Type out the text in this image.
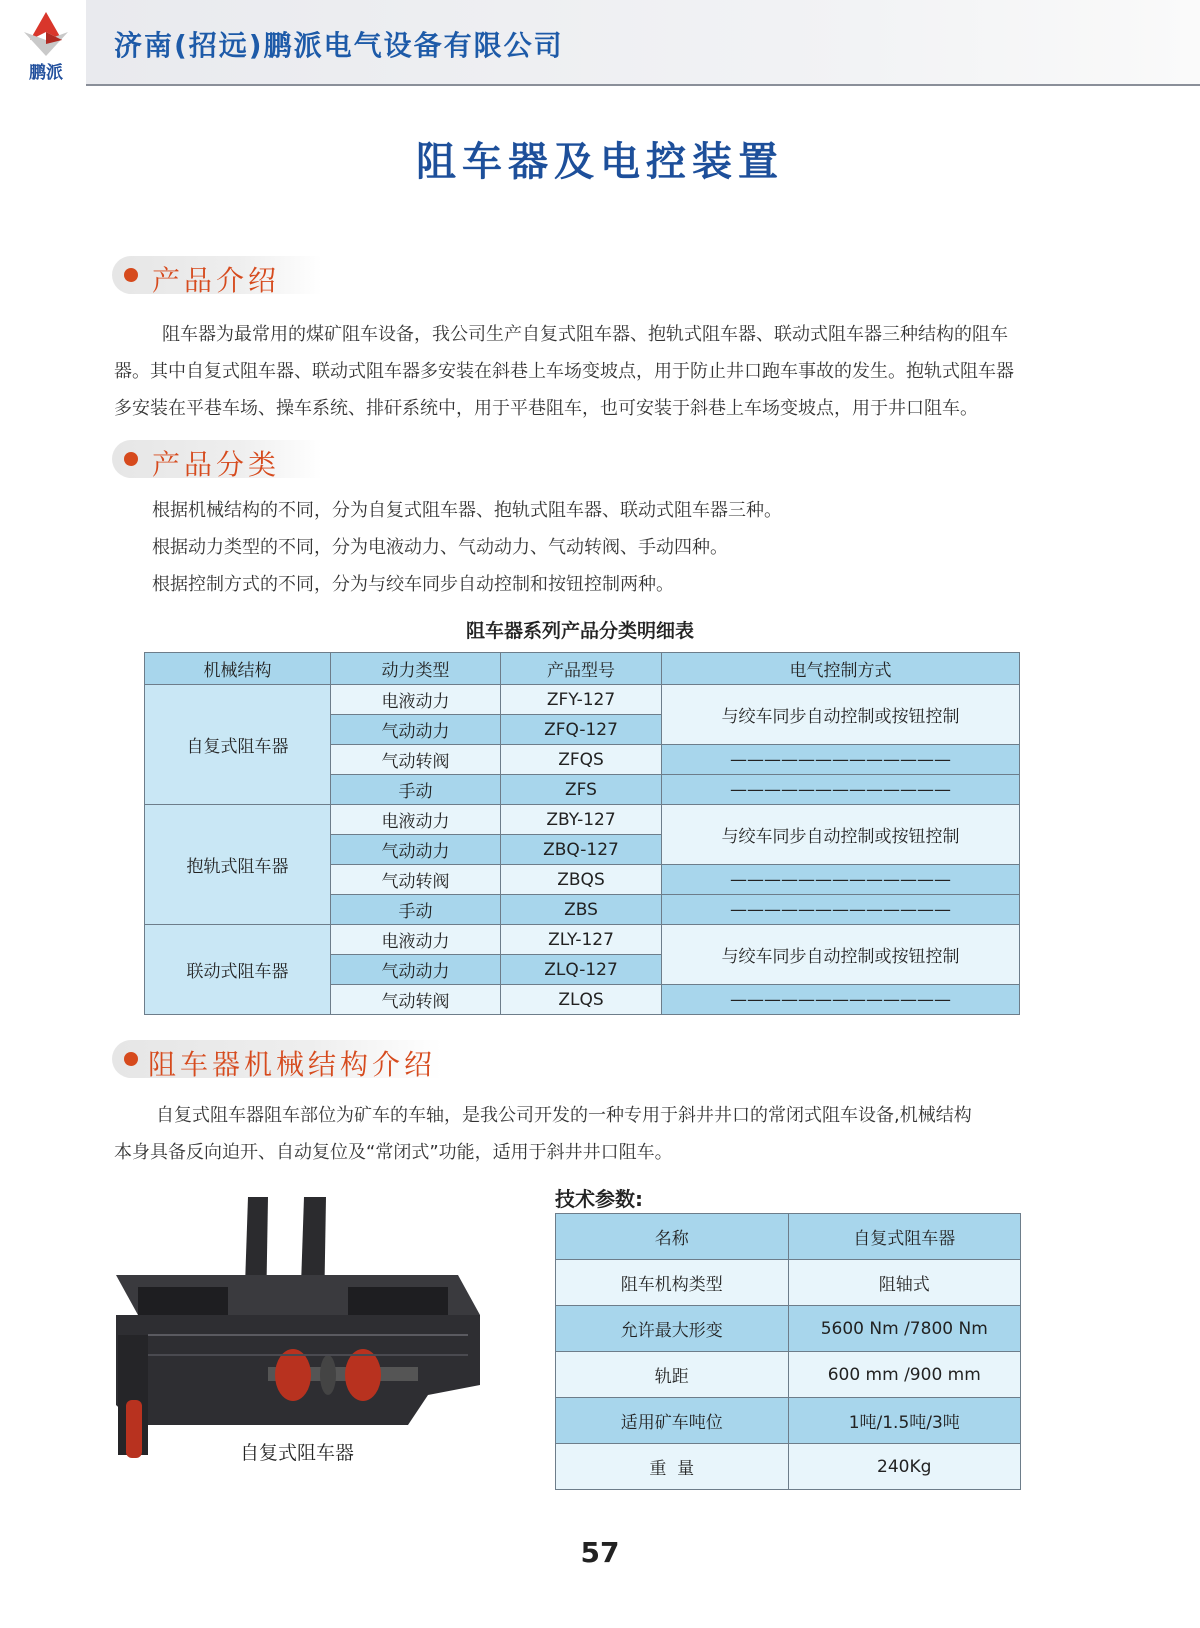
鹏派
济南(招远)鹏派电气设备有限公司
阻车器及电控装置
产品介绍
阻车器为最常用的煤矿阻车设备，我公司生产自复式阻车器、抱轨式阻车器、联动式阻车器三种结构的阻车
器。其中自复式阻车器、联动式阻车器多安装在斜巷上车场变坡点，用于防止井口跑车事故的发生。抱轨式阻车器
多安装在平巷车场、操车系统、排矸系统中，用于平巷阻车，也可安装于斜巷上车场变坡点，用于井口阻车。
产品分类
根据机械结构的不同，分为自复式阻车器、抱轨式阻车器、联动式阻车器三种。
根据动力类型的不同，分为电液动力、气动动力、气动转阀、手动四种。
根据控制方式的不同，分为与绞车同步自动控制和按钮控制两种。
阻车器系列产品分类明细表
机械结构	动力类型	产品型号	电气控制方式
自复式阻车器	电液动力	ZFY-127	与绞车同步自动控制或按钮控制
	气动动力	ZFQ-127	
	气动转阀	ZFQS	—————————————
	手动	ZFS	—————————————
抱轨式阻车器	电液动力	ZBY-127	与绞车同步自动控制或按钮控制
	气动动力	ZBQ-127	
	气动转阀	ZBQS	—————————————
	手动	ZBS	—————————————
联动式阻车器	电液动力	ZLY-127	与绞车同步自动控制或按钮控制
	气动动力	ZLQ-127	
	气动转阀	ZLQS	—————————————
阻车器机械结构介绍
自复式阻车器阻车部位为矿车的车轴，是我公司开发的一种专用于斜井井口的常闭式阻车设备,机械结构
本身具备反向迫开、自动复位及“常闭式”功能，适用于斜井井口阻车。
自复式阻车器
技术参数:
名称	自复式阻车器
阻车机构类型	阻轴式
允许最大形变	5600 Nm /7800 Nm
轨距	600 mm /900 mm
适用矿车吨位	1吨/1.5吨/3吨
重  量	240Kg
57
